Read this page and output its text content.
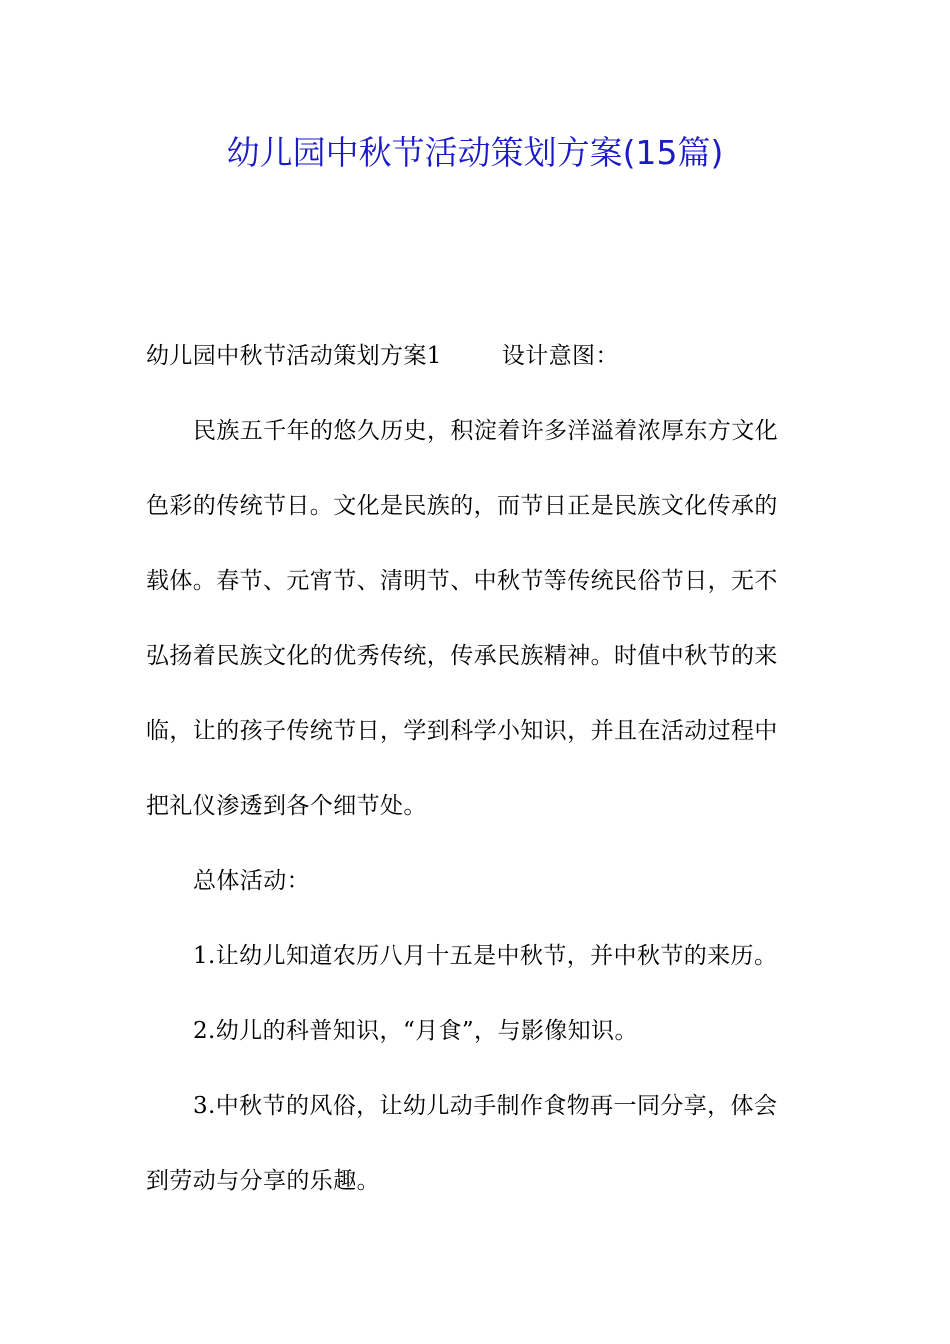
幼儿园中秋节活动策划方案(15篇)
幼儿园中秋节活动策划方案1	设计意图：
民族五千年的悠久历史，积淀着许多洋溢着浓厚东方文化
色彩的传统节日。文化是民族的，而节日正是民族文化传承的
载体。春节、元宵节、清明节、中秋节等传统民俗节日，无不
弘扬着民族文化的优秀传统，传承民族精神。时值中秋节的来
临，让的孩子传统节日，学到科学小知识，并且在活动过程中
把礼仪渗透到各个细节处。
总体活动：
1.让幼儿知道农历八月十五是中秋节，并中秋节的来历。
2.幼儿的科普知识，“月食”，与影像知识。
3.中秋节的风俗，让幼儿动手制作食物再一同分享，体会
到劳动与分享的乐趣。
